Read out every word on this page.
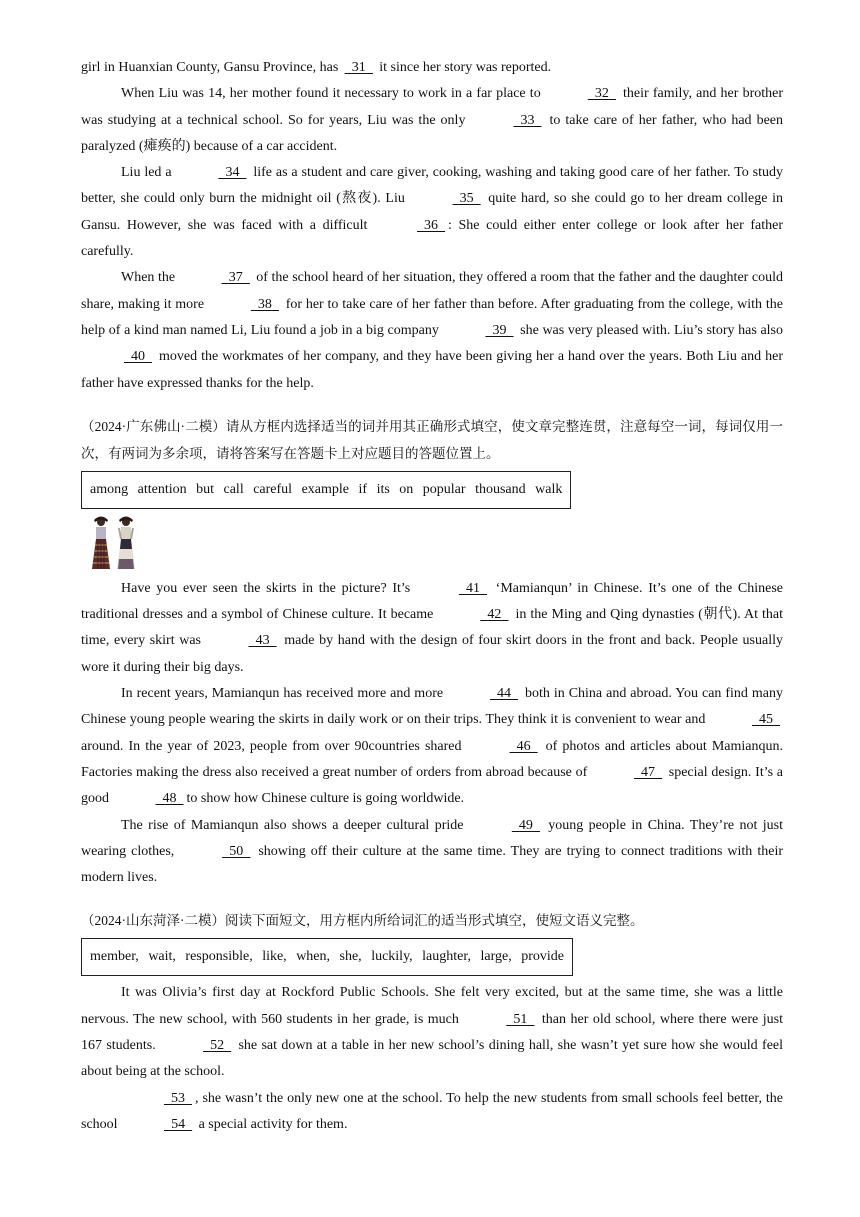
girl in Huanxian County, Gansu Province, has 31 it since her story was reported.

When Liu was 14, her mother found it necessary to work in a far place to	32 their family, and her brother was studying at a technical school. So for years, Liu was the only	33 to take care of her father, who had been paralyzed (瘫痪的) because of a car accident.

Liu led a	34 life as a student and care giver, cooking, washing and taking good care of her father. To study better, she could only burn the midnight oil (熬夜). Liu	35 quite hard, so she could go to her dream college in Gansu. However, she was faced with a difficult	36 : She could either enter college or look after her father carefully.

When the	37 of the school heard of her situation, they offered a room that the father and the daughter could share, making it more	38 for her to take care of her father than before. After graduating from the college, with the help of a kind man named Li, Liu found a job in a big company	39 she was very pleased with. Liu’s story has also 40 moved the workmates of her company, and they have been giving her a hand over the years. Both Liu and her father have expressed thanks for the help.

（2024·广东佛山·二模）请从方框内选择适当的词并用其正确形式填空，使文章完整连贯，注意每空一词，每词仅用一次，有两词为多余项，请将答案写在答题卡上对应题目的答题位置上。

among attention but call careful example if its on popular thousand walk

Have you ever seen the skirts in the picture? It’s	41 ‘Mamianqun’ in Chinese. It’s one of the Chinese traditional dresses and a symbol of Chinese culture. It became	42 in the Ming and Qing dynasties (朝代). At that time, every skirt was	43 made by hand with the design of four skirt doors in the front and back. People usually wore it during their big days.

In recent years, Mamianqun has received more and more	44 both in China and abroad. You can find many Chinese young people wearing the skirts in daily work or on their trips. They think it is convenient to wear and	45 around. In the year of 2023, people from over 90countries shared	46 of photos and articles about Mamianqun. Factories making the dress also received a great number of orders from abroad because of	47 special design. It’s a good	48 to show how Chinese culture is going worldwide.

The rise of Mamianqun also shows a deeper cultural pride	49 young people in China. They’re not just wearing clothes,	50 showing off their culture at the same time. They are trying to connect traditions with their modern lives.

（2024·山东菏泽·二模）阅读下面短文，用方框内所给词汇的适当形式填空，使短文语义完整。

member, wait, responsible, like, when, she, luckily, laughter, large, provide

It was Olivia’s first day at Rockford Public Schools. She felt very excited, but at the same time, she was a little nervous. The new school, with 560 students in her grade, is much	51 than her old school, where there were just 167 students.	52 she sat down at a table in her new school’s dining hall, she wasn’t yet sure how she would feel about being at the school.

53 , she wasn’t the only new one at the school. To help the new students from small schools feel better, the school	54 a special activity for them.
